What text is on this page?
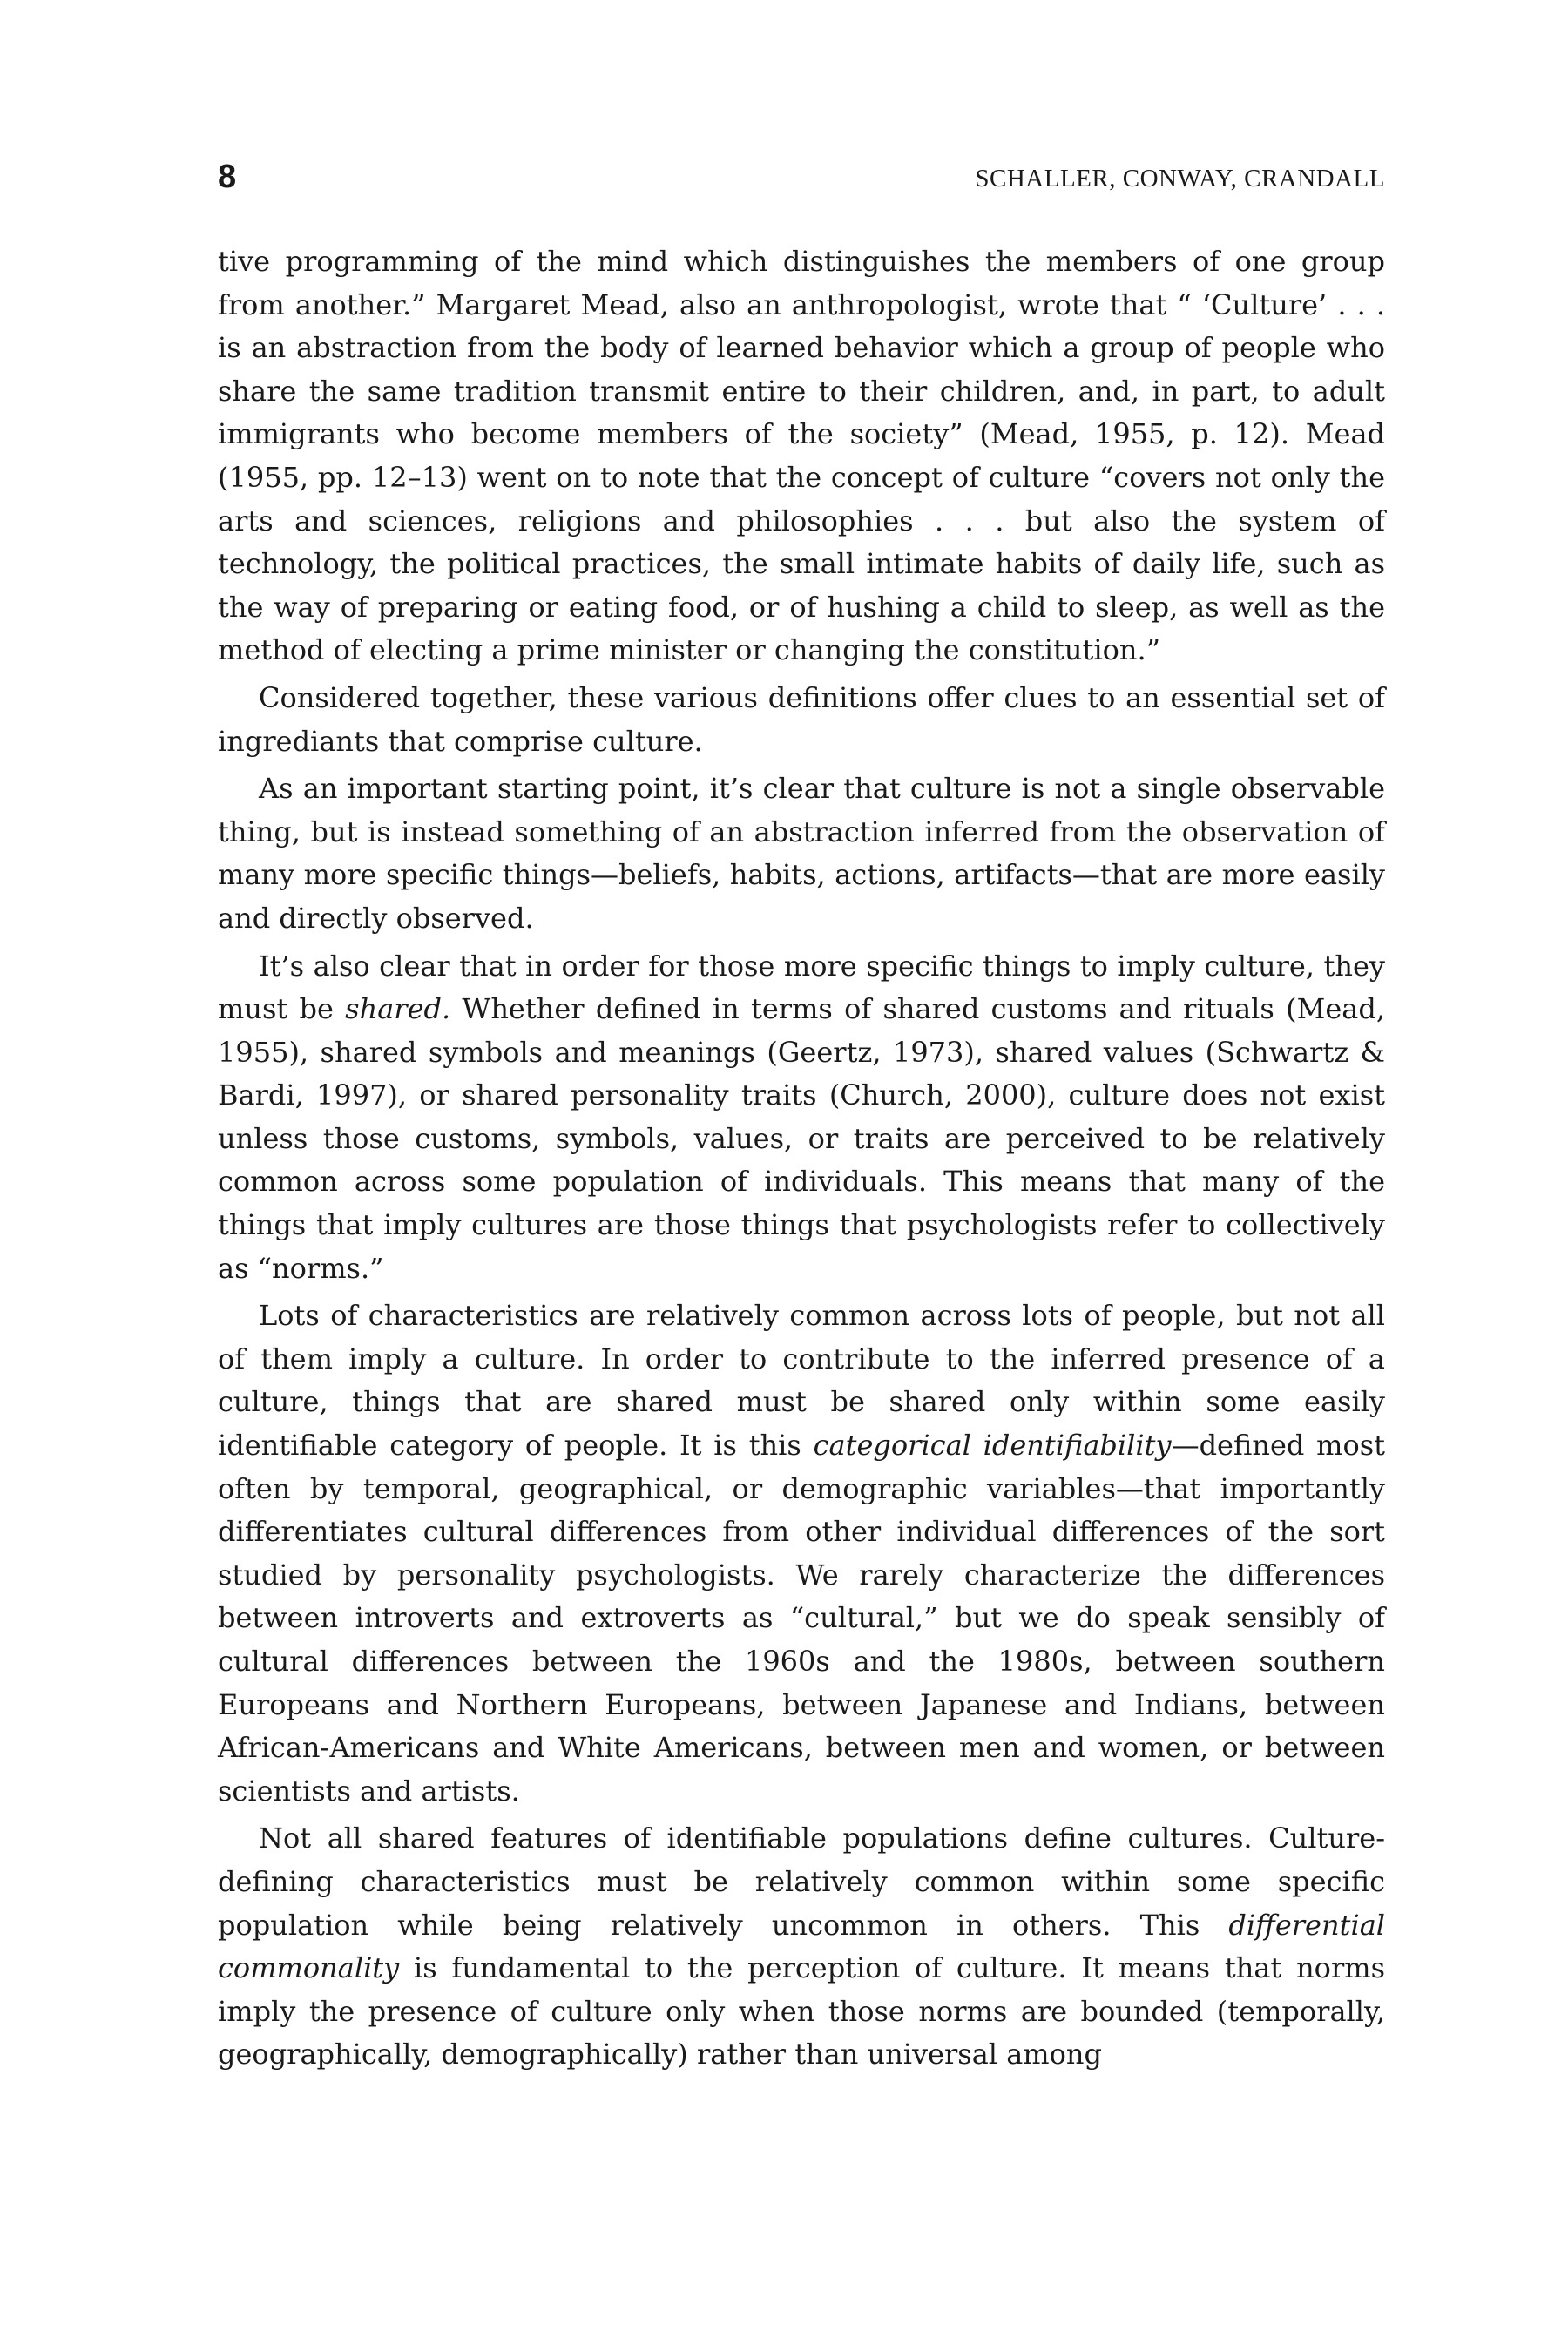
8	SCHALLER, CONWAY, CRANDALL

tive programming of the mind which distinguishes the members of one group from another.” Margaret Mead, also an anthropologist, wrote that “ ‘Culture’ . . . is an abstraction from the body of learned behavior which a group of people who share the same tradition transmit entire to their children, and, in part, to adult immigrants who become members of the society” (Mead, 1955, p. 12). Mead (1955, pp. 12–13) went on to note that the concept of culture “covers not only the arts and sciences, religions and philosophies . . . but also the system of technology, the political practices, the small intimate habits of daily life, such as the way of preparing or eating food, or of hushing a child to sleep, as well as the method of electing a prime minister or changing the constitution.”

Considered together, these various definitions offer clues to an essential set of ingrediants that comprise culture.

As an important starting point, it’s clear that culture is not a single observable thing, but is instead something of an abstraction inferred from the observation of many more specific things—beliefs, habits, actions, artifacts—that are more easily and directly observed.

It’s also clear that in order for those more specific things to imply culture, they must be shared. Whether defined in terms of shared customs and rituals (Mead, 1955), shared symbols and meanings (Geertz, 1973), shared values (Schwartz & Bardi, 1997), or shared personality traits (Church, 2000), culture does not exist unless those customs, symbols, values, or traits are perceived to be relatively common across some population of individuals. This means that many of the things that imply cultures are those things that psychologists refer to collectively as “norms.”

Lots of characteristics are relatively common across lots of people, but not all of them imply a culture. In order to contribute to the inferred presence of a culture, things that are shared must be shared only within some easily identifiable category of people. It is this categorical identifiability—defined most often by temporal, geographical, or demographic variables—that importantly differentiates cultural differences from other individual differences of the sort studied by personality psychologists. We rarely characterize the differences between introverts and extroverts as “cultural,” but we do speak sensibly of cultural differences between the 1960s and the 1980s, between southern Europeans and Northern Europeans, between Japanese and Indians, between African-Americans and White Americans, between men and women, or between scientists and artists.

Not all shared features of identifiable populations define cultures. Culture-defining characteristics must be relatively common within some specific population while being relatively uncommon in others. This differential commonality is fundamental to the perception of culture. It means that norms imply the presence of culture only when those norms are bounded (temporally, geographically, demographically) rather than universal among
